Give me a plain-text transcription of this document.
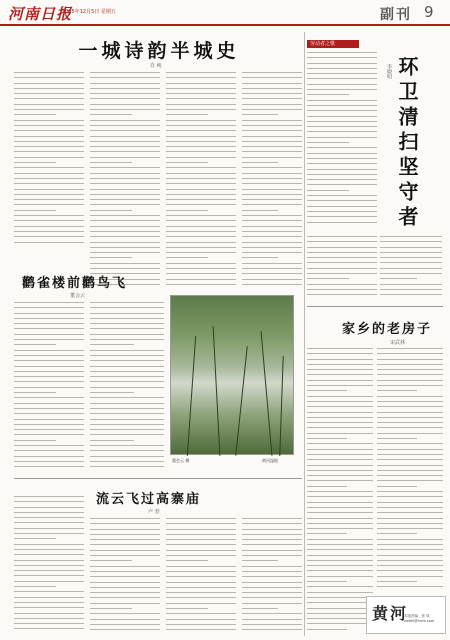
河南日报
2025年12月5日 星期五	副刊 9
一城诗韵半城史
肖 纯
鹳雀楼前鹳鸟飞
董会云
董会云 摄	黄河湿地
流云飞过高寨庙
卢 勃
劳动者之歌
环卫清扫坚守者
李晓明
家乡的老房子
宋武林
黄河
本版责编：张 凤
zwbhl@hnrb.com
